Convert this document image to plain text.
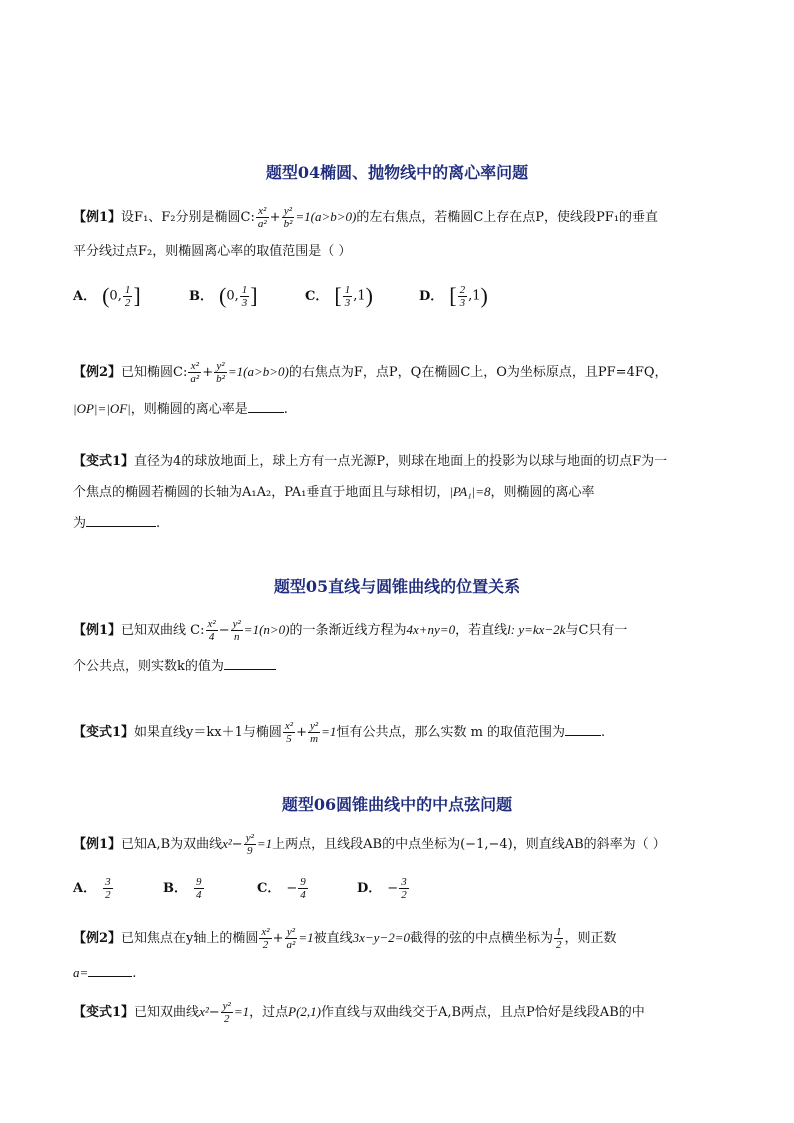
题型04椭圆、抛物线中的离心率问题
【例1】设F₁、F₂分别是椭圆C: $\frac{\text{x²}}{\text{a²}} + \frac{\text{y²}}{\text{b²}} =1(a>b>0)$的左右焦点，若椭圆C上存在点P，使线段PF₁的垂直
平分线过点F₂，则椭圆离心率的取值范围是（ ）
A． (0, $\frac{1}{2}$ ]	B． (0, $\frac{1}{3}$ ]	C． [ $\frac{1}{3} ,1$)	D． [ $\frac{2}{3} ,1$)
【例2】已知椭圆C: $\frac{\text{x²}}{\text{a²}} + \frac{\text{y²}}{\text{b²}} =1(a>b>0)$的右焦点为F，点P，Q在椭圆C上，O为坐标原点，且PF=4FQ，
|OP|=|OF|，则椭圆的离心率是	.
【变式1】直径为4的球放地面上，球上方有一点光源P，则球在地面上的投影为以球与地面的切点F为一
个焦点的椭圆若椭圆的长轴为A₁A₂，PA₁垂直于地面且与球相切，|PA₁|=8，则椭圆的离心率
为	.
题型05直线与圆锥曲线的位置关系
【例1】已知双曲线 C: $\frac{\text{x²}}{4} - \frac{\text{y²}}{n} =1(n>0)$的一条渐近线方程为4x+ny=0，若直线l: y=kx−2k与C只有一
个公共点，则实数k的值为
【变式1】如果直线y＝kx＋1与椭圆 $\frac{\text{x²}}{5} + \frac{\text{y²}}{m} =1$恒有公共点，那么实数 m 的取值范围为	.
题型06圆锥曲线中的中点弦问题
【例1】已知A,B为双曲线$x^2- \frac{\text{y²}}{9} =1$上两点，且线段AB的中点坐标为(−1,−4)，则直线AB的斜率为（ ）
A． $\frac{3}{2}$	B． $\frac{9}{4}$	C． − $\frac{9}{4}$	D． − $\frac{3}{2}$
【例2】已知焦点在y轴上的椭圆 $\frac{\text{x²}}{2} + \frac{\text{y²}}{\text{a²}} =1$被直线3x−y−2=0截得的弦的中点横坐标为 $\frac{1}{2}$ ，则正数
a=	.
【变式1】已知双曲线$x^2- \frac{\text{y²}}{2} =1$，过点P(2,1)作直线与双曲线交于A,B两点，且点P恰好是线段AB的中
